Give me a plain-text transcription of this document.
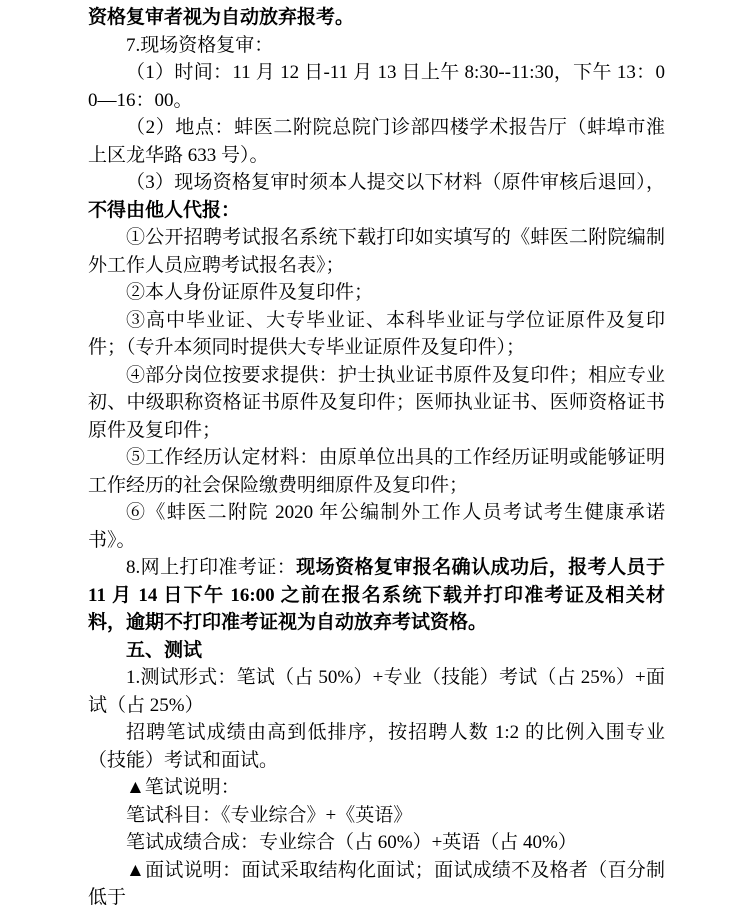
资格复审者视为自动放弃报考。

7.现场资格复审：

（1）时间：11 月 12 日-11 月 13 日上午 8:30--11:30，下午 13：00—16：00。

（2）地点：蚌医二附院总院门诊部四楼学术报告厅（蚌埠市淮上区龙华路 633 号）。

（3）现场资格复审时须本人提交以下材料（原件审核后退回），不得由他人代报：

①公开招聘考试报名系统下载打印如实填写的《蚌医二附院编制外工作人员应聘考试报名表》；

②本人身份证原件及复印件；

③高中毕业证、大专毕业证、本科毕业证与学位证原件及复印件；（专升本须同时提供大专毕业证原件及复印件）；

④部分岗位按要求提供：护士执业证书原件及复印件；相应专业初、中级职称资格证书原件及复印件；医师执业证书、医师资格证书原件及复印件；

⑤工作经历认定材料：由原单位出具的工作经历证明或能够证明工作经历的社会保险缴费明细原件及复印件；

⑥《蚌医二附院 2020 年公编制外工作人员考试考生健康承诺书》。

8.网上打印准考证：现场资格复审报名确认成功后，报考人员于 11 月 14 日下午 16:00 之前在报名系统下载并打印准考证及相关材料，逾期不打印准考证视为自动放弃考试资格。

五、测试

1.测试形式：笔试（占 50%）+专业（技能）考试（占 25%）+面试（占 25%）

招聘笔试成绩由高到低排序，按招聘人数 1:2 的比例入围专业（技能）考试和面试。

▲笔试说明：

笔试科目：《专业综合》+《英语》

笔试成绩合成：专业综合（占 60%）+英语（占 40%）

▲面试说明：面试采取结构化面试；面试成绩不及格者（百分制低于
